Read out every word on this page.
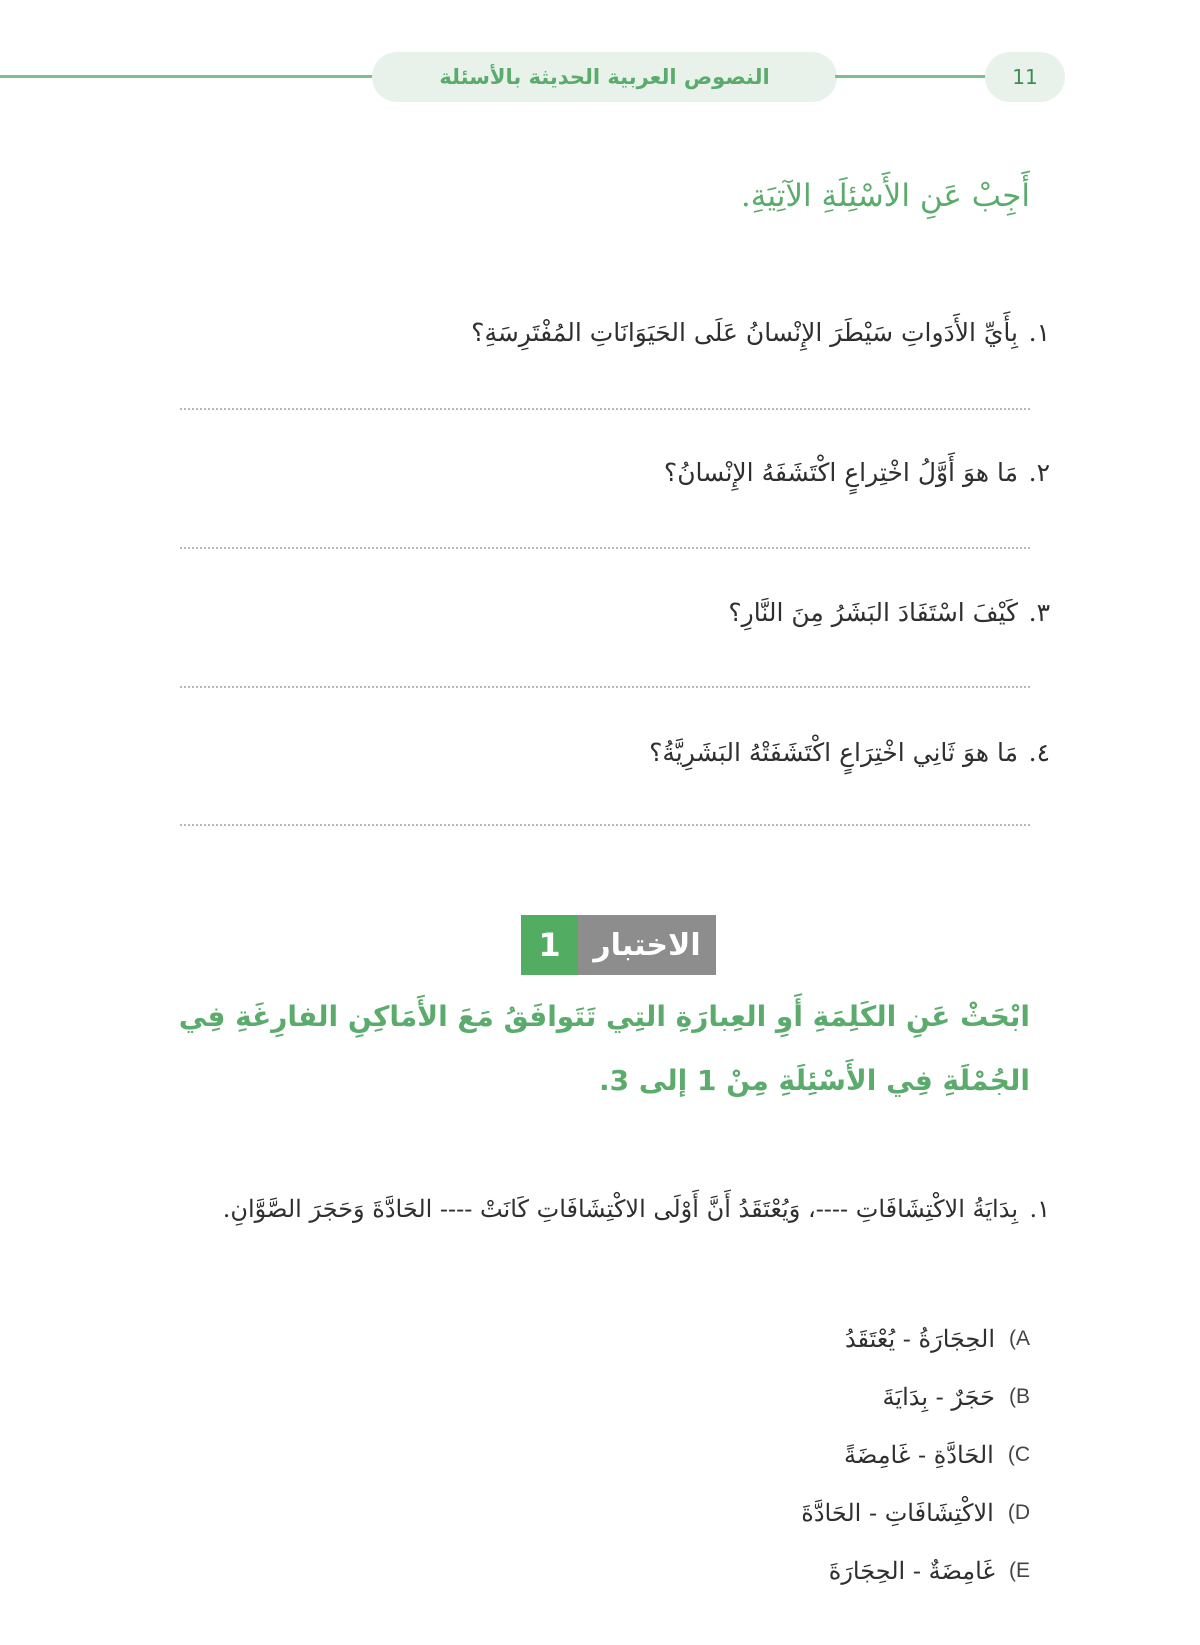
النصوص العربية الحديثة بالأسئلة	11
أَجِبْ عَنِ الأَسْئِلَةِ الآتِيَةِ.
١.
بِأَيِّ الأَدَواتِ سَيْطَرَ الإِنْسانُ عَلَى الحَيَوَانَاتِ المُفْتَرِسَةِ؟
٢.
مَا هوَ أَوَّلُ اخْتِراعٍ اكْتَشَفَهُ الإِنْسانُ؟
٣.
كَيْفَ اسْتَفَادَ البَشَرُ مِنَ النَّارِ؟
٤.
مَا هوَ ثَانِي اخْتِرَاعٍ اكْتَشَفَتْهُ البَشَرِيَّةُ؟
الاختبار
1
ابْحَثْ عَنِ الكَلِمَةِ أَوِ العِبارَةِ التِي تَتَوافَقُ مَعَ الأَمَاكِنِ الفارِغَةِ فِي الجُمْلَةِ فِي الأَسْئِلَةِ مِنْ 1 إلى 3.
١.
بِدَايَةُ الاكْتِشَافَاتِ ----، وَيُعْتَقَدُ أَنَّ أَوْلَى الاكْتِشَافَاتِ كَانَتْ ---- الحَادَّةَ وَحَجَرَ الصَّوَّانِ.
A)
الحِجَارَةُ - يُعْتَقَدُ
B)
حَجَرٌ - بِدَايَةَ
C)
الحَادَّةِ - غَامِضَةً
D)
الاكْتِشَافَاتِ - الحَادَّةَ
E)
غَامِضَةٌ - الحِجَارَةَ
